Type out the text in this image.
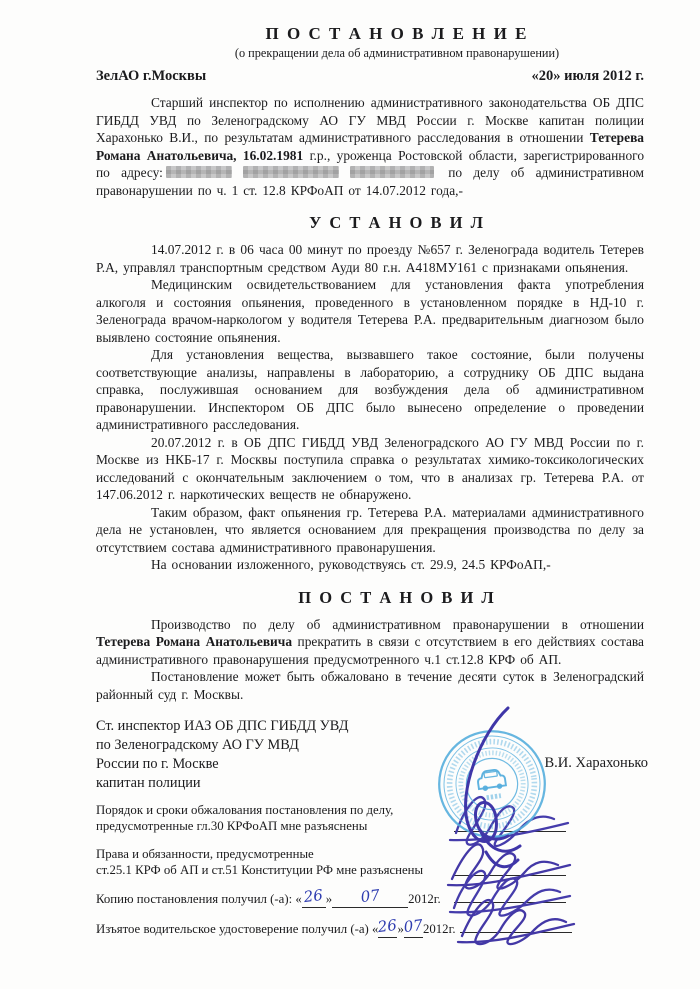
П О С Т А Н О В Л Е Н И Е
(о прекращении дела об административном правонарушении)
ЗелАО г.Москвы	«20» июля 2012 г.

Старший инспектор по исполнению административного законодательства ОБ ДПС ГИБДД УВД по Зеленоградскому АО ГУ МВД России г. Москве капитан полиции Харахонько В.И., по результатам административного расследования в отношении Тетерева Романа Анатольевича, 16.02.1981 г.р., уроженца Ростовской области, зарегистрированного по адресу:	по делу об административном правонарушении по ч. 1 ст. 12.8 КРФоАП от 14.07.2012 года,-

У С Т А Н О В И Л

14.07.2012 г. в 06 часа 00 минут по проезду №657 г. Зеленограда водитель Тетерев Р.А, управлял транспортным средством Ауди 80 г.н. А418МУ161 с признаками опьянения.

Медицинским освидетельствованием для установления факта употребления алкоголя и состояния опьянения, проведенного в установленном порядке в НД-10 г. Зеленограда врачом-наркологом у водителя Тетерева Р.А. предварительным диагнозом было выявлено состояние опьянения.

Для установления вещества, вызвавшего такое состояние, были получены соответствующие анализы, направлены в лабораторию, а сотруднику ОБ ДПС выдана справка, послужившая основанием для возбуждения дела об административном правонарушении. Инспектором ОБ ДПС было вынесено определение о проведении административного расследования.

20.07.2012 г. в ОБ ДПС ГИБДД УВД Зеленоградского АО ГУ МВД России по г. Москве из НКБ-17 г. Москвы поступила справка о результатах химико-токсикологических исследований с окончательным заключением о том, что в анализах гр. Тетерева Р.А. от 147.06.2012 г. наркотических веществ не обнаружено.

Таким образом, факт опьянения гр. Тетерева Р.А. материалами административного дела не установлен, что является основанием для прекращения производства по делу за отсутствием состава административного правонарушения.

На основании изложенного, руководствуясь ст. 29.9, 24.5 КРФоАП,-

П О С Т А Н О В И Л

Производство по делу об административном правонарушении в отношении Тетерева Романа Анатольевича прекратить в связи с отсутствием в его действиях состава административного правонарушения предусмотренного ч.1 ст.12.8 КРФ об АП.

Постановление может быть обжаловано в течение десяти суток в Зеленоградский районный суд г. Москвы.

Ст. инспектор ИАЗ ОБ ДПС ГИБДД УВД
по Зеленоградскому АО ГУ МВД
России по г. Москве
капитан полиции
В.И. Харахонько
Порядок и сроки обжалования постановления по делу,
предусмотренные гл.30 КРФоАП мне разъяснены
Права и обязанности, предусмотренные
ст.25.1 КРФ об АП и ст.51 Конституции РФ мне разъяснены
Копию постановления получил (-а): « 26 »	07	2012г.
Изъятое водительское удостоверение получил (-а) «
26 »
07 2012г.
